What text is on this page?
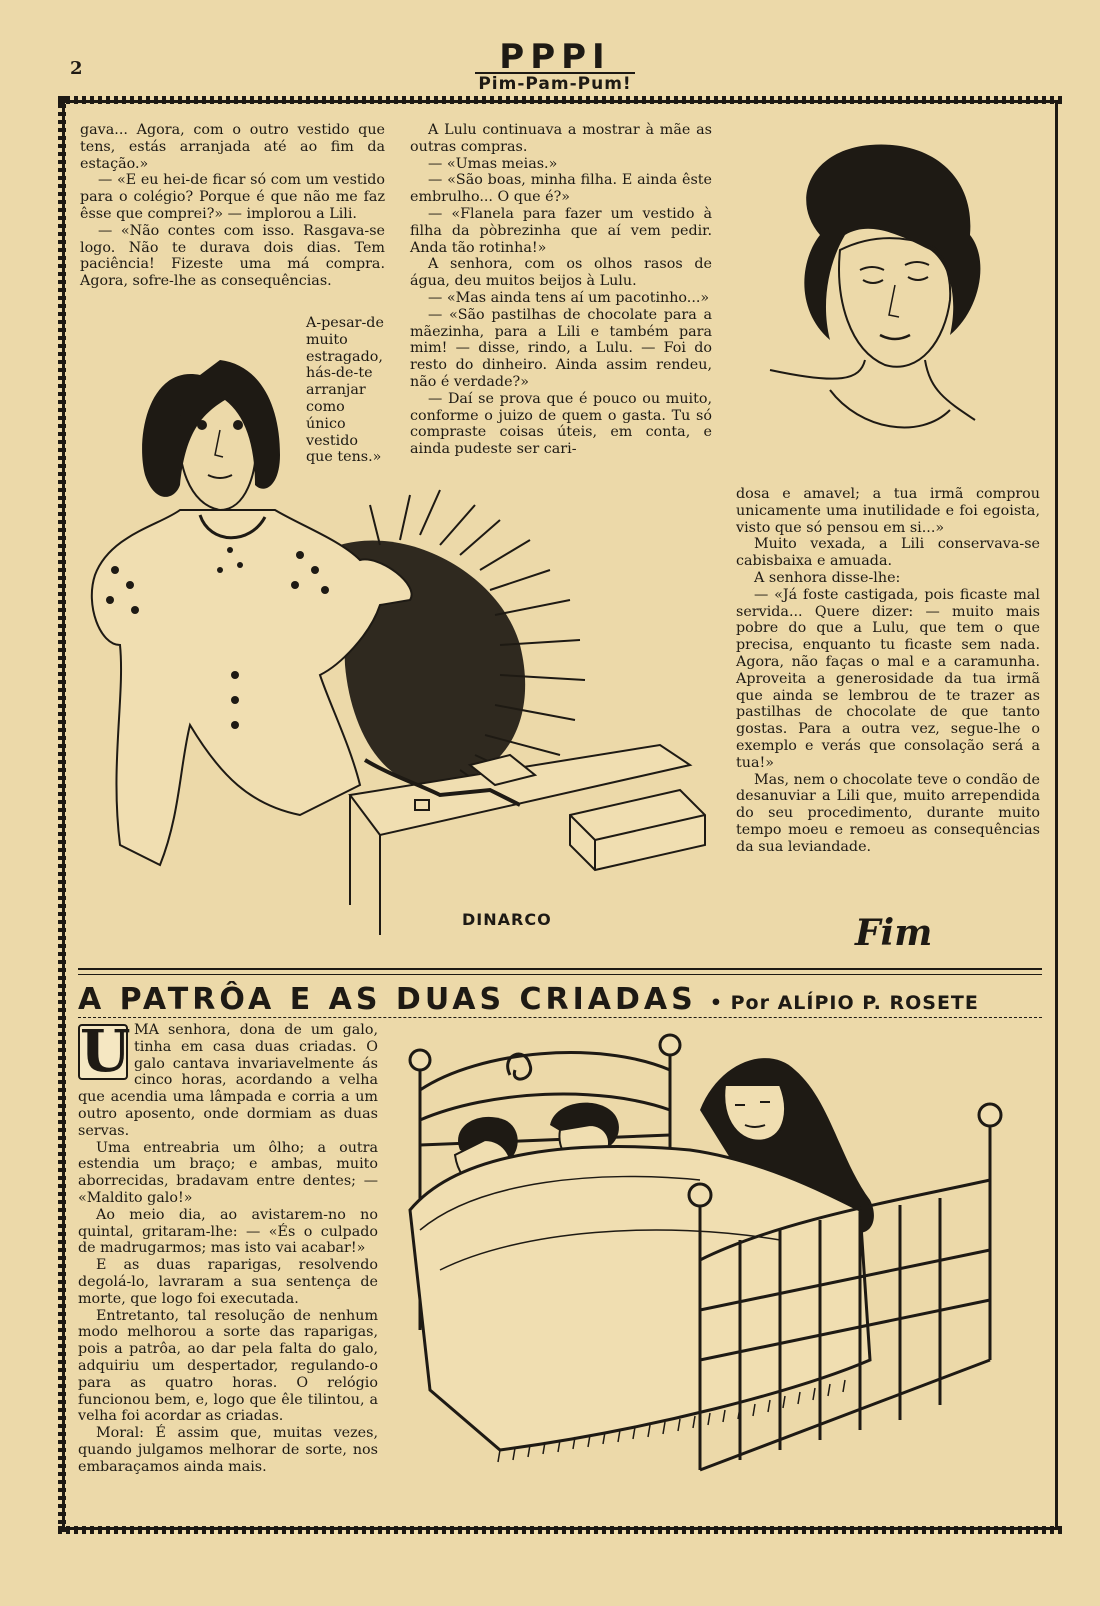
2	PPPI
Pim-Pam-Pum!

gava... Agora, com o outro vestido que tens, estás arranjada até ao fim da estação.»

— «E eu hei-de ficar só com um vestido para o colégio? Porque é que não me faz êsse que comprei?» — implorou a Lili.

— «Não contes com isso. Rasgava-se logo. Não te durava dois dias. Tem paciência! Fizeste uma má compra. Agora, sofre-lhe as consequências.

A-pesar-de muito estragado, hás-de-te arranjar como único vestido que tens.»

A Lulu continuava a mostrar à mãe as outras compras.

— «Umas meias.»

— «São boas, minha filha. E ainda êste embrulho... O que é?»

— «Flanela para fazer um vestido à filha da pòbrezinha que aí vem pedir. Anda tão rotinha!»

A senhora, com os olhos rasos de água, deu muitos beijos à Lulu.

— «Mas ainda tens aí um pacotinho...»

— «São pastilhas de chocolate para a mãezinha, para a Lili e também para mim! — disse, rindo, a Lulu. — Foi do resto do dinheiro. Ainda assim rendeu, não é verdade?»

— Daí se prova que é pouco ou muito, conforme o juizo de quem o gasta. Tu só compraste coisas úteis, em conta, e ainda pudeste ser cari-

DINARCO

dosa e amavel; a tua irmã comprou unicamente uma inutilidade e foi egoista, visto que só pensou em si...»

Muito vexada, a Lili conservava-se cabisbaixa e amuada.

A senhora disse-lhe:

— «Já foste castigada, pois ficaste mal servida... Quere dizer: — muito mais pobre do que a Lulu, que tem o que precisa, enquanto tu ficaste sem nada. Agora, não faças o mal e a caramunha. Aproveita a generosidade da tua irmã que ainda se lembrou de te trazer as pastilhas de chocolate de que tanto gostas. Para a outra vez, segue-lhe o exemplo e verás que consolação será a tua!»

Mas, nem o chocolate teve o condão de desanuviar a Lili que, muito arrependida do seu procedimento, durante muito tempo moeu e remoeu as consequências da sua leviandade.

Fim
A PATRÔA E AS DUAS CRIADAS • Por ALÍPIO P. ROSETE

U MA senhora, dona de um galo, tinha em casa duas criadas. O galo cantava invariavelmente ás cinco horas, acordando a velha que acendia uma lâmpada e corria a um outro aposento, onde dormiam as duas servas.

Uma entreabria um ôlho; a outra estendia um braço; e ambas, muito aborrecidas, bradavam entre dentes; — «Maldito galo!»

Ao meio dia, ao avistarem-no no quintal, gritaram-lhe: — «És o culpado de madrugarmos; mas isto vai acabar!»

E as duas raparigas, resolvendo degolá-lo, lavraram a sua sentença de morte, que logo foi executada.

Entretanto, tal resolução de nenhum modo melhorou a sorte das raparigas, pois a patrôa, ao dar pela falta do galo, adquiriu um despertador, regulando-o para as quatro horas. O relógio funcionou bem, e, logo que êle tilintou, a velha foi acordar as criadas.

Moral: É assim que, muitas vezes, quando julgamos melhorar de sorte, nos embaraçamos ainda mais.
